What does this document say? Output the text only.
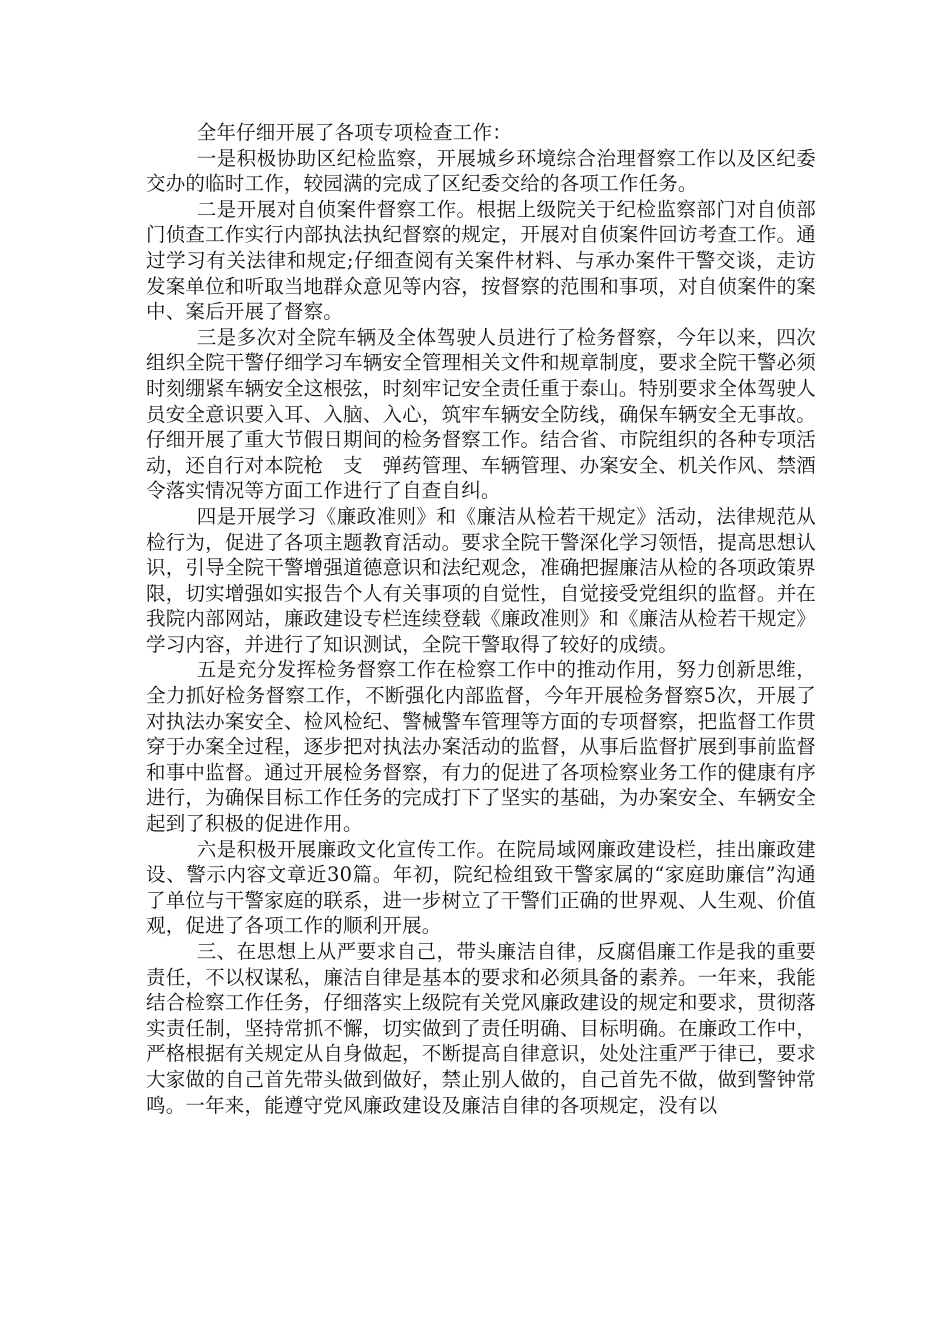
全年仔细开展了各项专项检查工作：

一是积极协助区纪检监察，开展城乡环境综合治理督察工作以及区纪委交办的临时工作，较园满的完成了区纪委交给的各项工作任务。

二是开展对自侦案件督察工作。根据上级院关于纪检监察部门对自侦部门侦查工作实行内部执法执纪督察的规定，开展对自侦案件回访考查工作。通过学习有关法律和规定;仔细查阅有关案件材料、与承办案件干警交谈，走访发案单位和听取当地群众意见等内容，按督察的范围和事项，对自侦案件的案中、案后开展了督察。

三是多次对全院车辆及全体驾驶人员进行了检务督察，今年以来，四次组织全院干警仔细学习车辆安全管理相关文件和规章制度，要求全院干警必须时刻绷紧车辆安全这根弦，时刻牢记安全责任重于泰山。特别要求全体驾驶人员安全意识要入耳、入脑、入心，筑牢车辆安全防线，确保车辆安全无事故。仔细开展了重大节假日期间的检务督察工作。结合省、市院组织的各种专项活动，还自行对本院枪　支　弹药管理、车辆管理、办案安全、机关作风、禁酒令落实情况等方面工作进行了自查自纠。

四是开展学习《廉政准则》和《廉洁从检若干规定》活动，法律规范从检行为，促进了各项主题教育活动。要求全院干警深化学习领悟，提高思想认识，引导全院干警增强道德意识和法纪观念，准确把握廉洁从检的各项政策界限，切实增强如实报告个人有关事项的自觉性，自觉接受党组织的监督。并在我院内部网站，廉政建设专栏连续登载《廉政准则》和《廉洁从检若干规定》学习内容，并进行了知识测试，全院干警取得了较好的成绩。

五是充分发挥检务督察工作在检察工作中的推动作用，努力创新思维，全力抓好检务督察工作，不断强化内部监督，今年开展检务督察5次，开展了对执法办案安全、检风检纪、警械警车管理等方面的专项督察，把监督工作贯穿于办案全过程，逐步把对执法办案活动的监督，从事后监督扩展到事前监督和事中监督。通过开展检务督察，有力的促进了各项检察业务工作的健康有序进行，为确保目标工作任务的完成打下了坚实的基础，为办案安全、车辆安全起到了积极的促进作用。

六是积极开展廉政文化宣传工作。在院局域网廉政建设栏，挂出廉政建设、警示内容文章近30篇。年初，院纪检组致干警家属的“家庭助廉信”沟通了单位与干警家庭的联系，进一步树立了干警们正确的世界观、人生观、价值观，促进了各项工作的顺利开展。

三、在思想上从严要求自己，带头廉洁自律，反腐倡廉工作是我的重要责任，不以权谋私，廉洁自律是基本的要求和必须具备的素养。一年来，我能结合检察工作任务，仔细落实上级院有关党风廉政建设的规定和要求，贯彻落实责任制，坚持常抓不懈，切实做到了责任明确、目标明确。在廉政工作中，严格根据有关规定从自身做起，不断提高自律意识，处处注重严于律已，要求大家做的自己首先带头做到做好，禁止别人做的，自己首先不做，做到警钟常鸣。一年来，能遵守党风廉政建设及廉洁自律的各项规定，没有以
